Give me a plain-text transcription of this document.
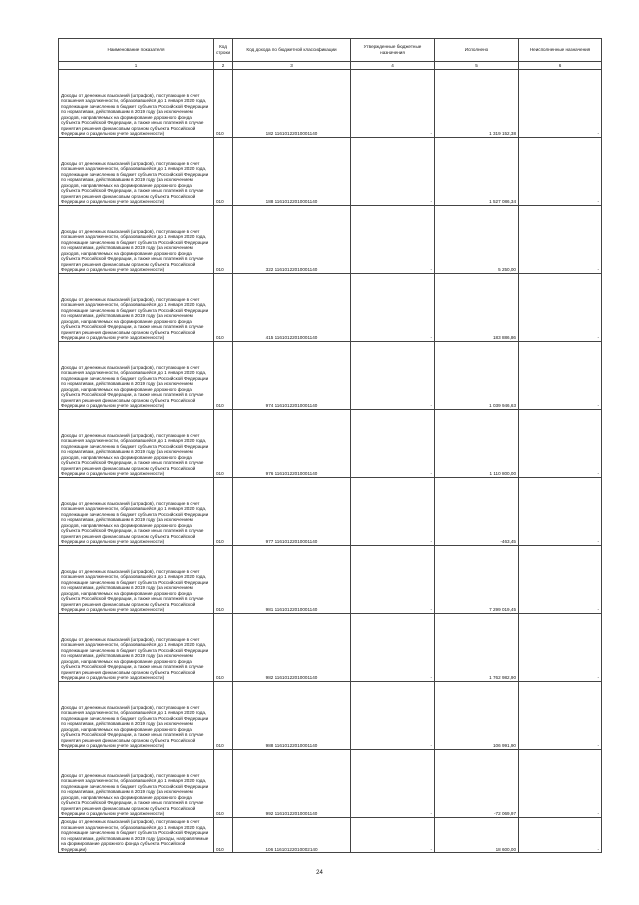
Наименование показателя	Код строки	Код дохода по бюджетной классификации	Утвержденные бюджетные назначения	Исполнено	Неисполненные назначения
1	2	3	4	5	6
Доходы от денежных взысканий (штрафов), поступающие в счет погашения задолженности, образовавшейся до 1 января 2020 года, подлежащие зачислению в бюджет субъекта Российской Федерации по нормативам, действовавшим в 2019 году (за исключением доходов, направляемых на формирование дорожного фонда субъекта Российской Федерации, а также иных платежей в случае принятия решения финансовым органом субъекта Российской Федерации о раздельном учете задолженности)	010	182 11610122010001140	-	1 319 152,38	-
Доходы от денежных взысканий (штрафов), поступающие в счет погашения задолженности, образовавшейся до 1 января 2020 года, подлежащие зачислению в бюджет субъекта Российской Федерации по нормативам, действовавшим в 2019 году (за исключением доходов, направляемых на формирование дорожного фонда субъекта Российской Федерации, а также иных платежей в случае принятия решения финансовым органом субъекта Российской Федерации о раздельном учете задолженности)	010	188 11610122010001140	-	1 527 086,34	-
Доходы от денежных взысканий (штрафов), поступающие в счет погашения задолженности, образовавшейся до 1 января 2020 года, подлежащие зачислению в бюджет субъекта Российской Федерации по нормативам, действовавшим в 2019 году (за исключением доходов, направляемых на формирование дорожного фонда субъекта Российской Федерации, а также иных платежей в случае принятия решения финансовым органом субъекта Российской Федерации о раздельном учете задолженности)	010	322 11610122010001140	-	5 250,00	-
Доходы от денежных взысканий (штрафов), поступающие в счет погашения задолженности, образовавшейся до 1 января 2020 года, подлежащие зачислению в бюджет субъекта Российской Федерации по нормативам, действовавшим в 2019 году (за исключением доходов, направляемых на формирование дорожного фонда субъекта Российской Федерации, а также иных платежей в случае принятия решения финансовым органом субъекта Российской Федерации о раздельном учете задолженности)	010	415 11610122010001140	-	183 886,86	-
Доходы от денежных взысканий (штрафов), поступающие в счет погашения задолженности, образовавшейся до 1 января 2020 года, подлежащие зачислению в бюджет субъекта Российской Федерации по нормативам, действовавшим в 2019 году (за исключением доходов, направляемых на формирование дорожного фонда субъекта Российской Федерации, а также иных платежей в случае принятия решения финансовым органом субъекта Российской Федерации о раздельном учете задолженности)	010	974 11610122010001140	-	1 039 946,63	-
Доходы от денежных взысканий (штрафов), поступающие в счет погашения задолженности, образовавшейся до 1 января 2020 года, подлежащие зачислению в бюджет субъекта Российской Федерации по нормативам, действовавшим в 2019 году (за исключением доходов, направляемых на формирование дорожного фонда субъекта Российской Федерации, а также иных платежей в случае принятия решения финансовым органом субъекта Российской Федерации о раздельном учете задолженности)	010	976 11610122010001140	-	1 110 800,00	-
Доходы от денежных взысканий (штрафов), поступающие в счет погашения задолженности, образовавшейся до 1 января 2020 года, подлежащие зачислению в бюджет субъекта Российской Федерации по нормативам, действовавшим в 2019 году (за исключением доходов, направляемых на формирование дорожного фонда субъекта Российской Федерации, а также иных платежей в случае принятия решения финансовым органом субъекта Российской Федерации о раздельном учете задолженности)	010	977 11610122010001140	-	-463,45	-
Доходы от денежных взысканий (штрафов), поступающие в счет погашения задолженности, образовавшейся до 1 января 2020 года, подлежащие зачислению в бюджет субъекта Российской Федерации по нормативам, действовавшим в 2019 году (за исключением доходов, направляемых на формирование дорожного фонда субъекта Российской Федерации, а также иных платежей в случае принятия решения финансовым органом субъекта Российской Федерации о раздельном учете задолженности)	010	981 11610122010001140	-	7 299 019,45	-
Доходы от денежных взысканий (штрафов), поступающие в счет погашения задолженности, образовавшейся до 1 января 2020 года, подлежащие зачислению в бюджет субъекта Российской Федерации по нормативам, действовавшим в 2019 году (за исключением доходов, направляемых на формирование дорожного фонда субъекта Российской Федерации, а также иных платежей в случае принятия решения финансовым органом субъекта Российской Федерации о раздельном учете задолженности)	010	982 11610122010001140	-	1 762 982,90	-
Доходы от денежных взысканий (штрафов), поступающие в счет погашения задолженности, образовавшейся до 1 января 2020 года, подлежащие зачислению в бюджет субъекта Российской Федерации по нормативам, действовавшим в 2019 году (за исключением доходов, направляемых на формирование дорожного фонда субъекта Российской Федерации, а также иных платежей в случае принятия решения финансовым органом субъекта Российской Федерации о раздельном учете задолженности)	010	988 11610122010001140	-	106 991,90	-
Доходы от денежных взысканий (штрафов), поступающие в счет погашения задолженности, образовавшейся до 1 января 2020 года, подлежащие зачислению в бюджет субъекта Российской Федерации по нормативам, действовавшим в 2019 году (за исключением доходов, направляемых на формирование дорожного фонда субъекта Российской Федерации, а также иных платежей в случае принятия решения финансовым органом субъекта Российской Федерации о раздельном учете задолженности)	010	992 11610122010001140	-	-72 069,97	-
Доходы от денежных взысканий (штрафов), поступающие в счет погашения задолженности, образовавшейся до 1 января 2020 года, подлежащие зачислению в бюджет субъекта Российской Федерации по нормативам, действовавшим в 2019 году (доходы, направляемые на формирование дорожного фонда субъекта Российской Федерации)	010	106 11610122010002140	-	18 600,00	-
24
